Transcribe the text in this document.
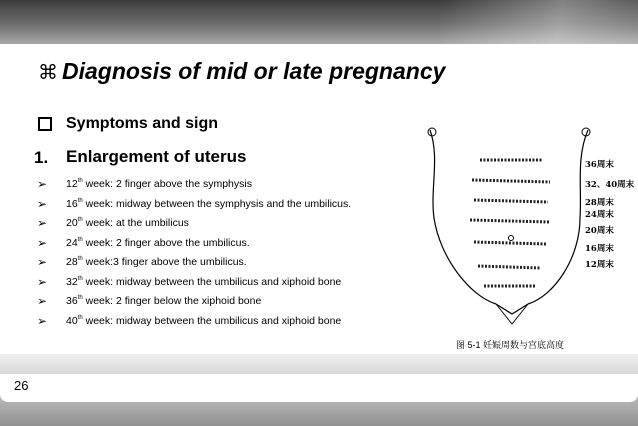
⌘ Diagnosis of mid or late pregnancy
Symptoms and sign
1. Enlargement of uterus
➢ 12th week: 2 finger above the symphysis
➢ 16th week: midway between the symphysis and the umbilicus.
➢ 20th week: at the umbilicus
➢ 24th week: 2 finger above the umbilicus.
➢ 28th week:3 finger above the umbilicus.
➢ 32th week: midway between the umbilicus and xiphoid bone
➢ 36th week: 2 finger below the xiphoid bone
➢ 40th week: midway between the umbilicus and xiphoid bone
36周末
32、40周末
28周末
24周末
20周末
16周末
12周末
图 5-1 妊娠周数与宫底高度
26
